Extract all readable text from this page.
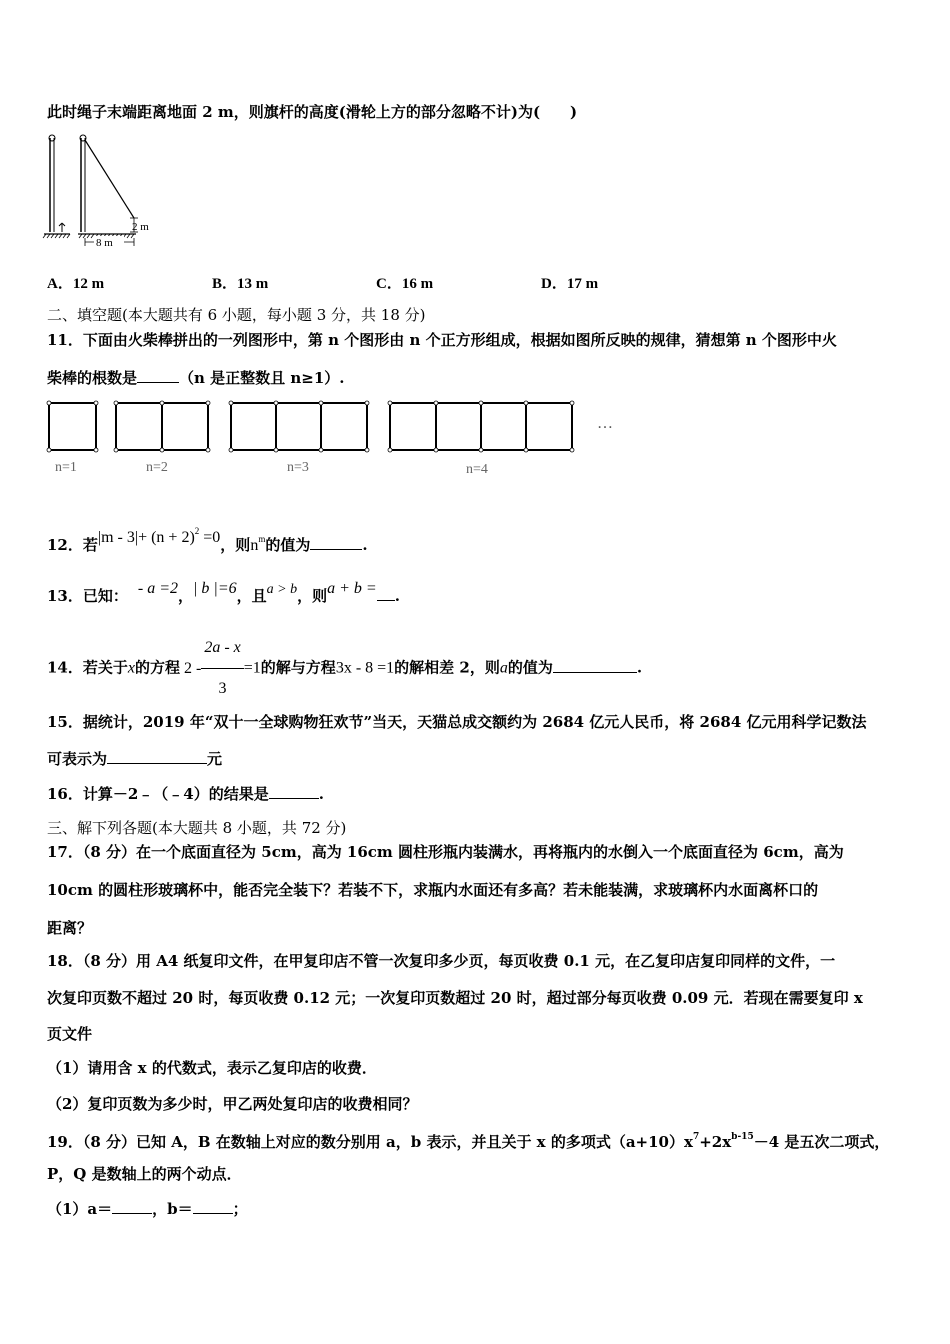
此时绳子末端距离地面 2 m，则旗杆的高度(滑轮上方的部分忽略不计)为(　　)
8 m
2 m
A．12 m	B．13 m	C．16 m	D．17 m
二、填空题(本大题共有 6 小题，每小题 3 分，共 18 分)
11．下面由火柴棒拼出的一列图形中，第 n 个图形由 n 个正方形组成，根据如图所反映的规律，猜想第 n 个图形中火
柴棒的根数是	（n 是正整数且 n≥1）.
…
n=1	n=2	n=3	n=4
12．若$|m - 3|+ (n + 2)^2 =0$，则$n^m$的值为	.
13．已知： - a =2，| b |=6，且a > b，则a + b = .
14．若关于x的方程 $2 - \frac{2a - x}{3} =1$的解与方程3x - 8 =1的解相差 2，则a的值为	.
15．据统计，2019 年“双十一全球购物狂欢节”当天，天猫总成交额约为 2684 亿元人民币，将 2684 亿元用科学记数法
可表示为	元
16．计算－2﹣（﹣4）的结果是	.
三、解下列各题(本大题共 8 小题，共 72 分)
17．（8 分）在一个底面直径为 5cm，高为 16cm 圆柱形瓶内装满水，再将瓶内的水倒入一个底面直径为 6cm，高为
10cm 的圆柱形玻璃杯中，能否完全装下？若装不下，求瓶内水面还有多高？若未能装满，求玻璃杯内水面离杯口的
距离？
18．（8 分）用 A4 纸复印文件，在甲复印店不管一次复印多少页，每页收费 0.1 元，在乙复印店复印同样的文件，一
次复印页数不超过 20 时，每页收费 0.12 元；一次复印页数超过 20 时，超过部分每页收费 0.09 元．若现在需要复印 x
页文件
（1）请用含 x 的代数式，表示乙复印店的收费．
（2）复印页数为多少时，甲乙两处复印店的收费相同？
19．（8 分）已知 A，B 在数轴上对应的数分别用 a，b 表示，并且关于 x 的多项式$(a+10)x^7+2x^{b-15}-4$ 是五次二项式，
P，Q 是数轴上的两个动点．
（1）a＝	，b＝	；
